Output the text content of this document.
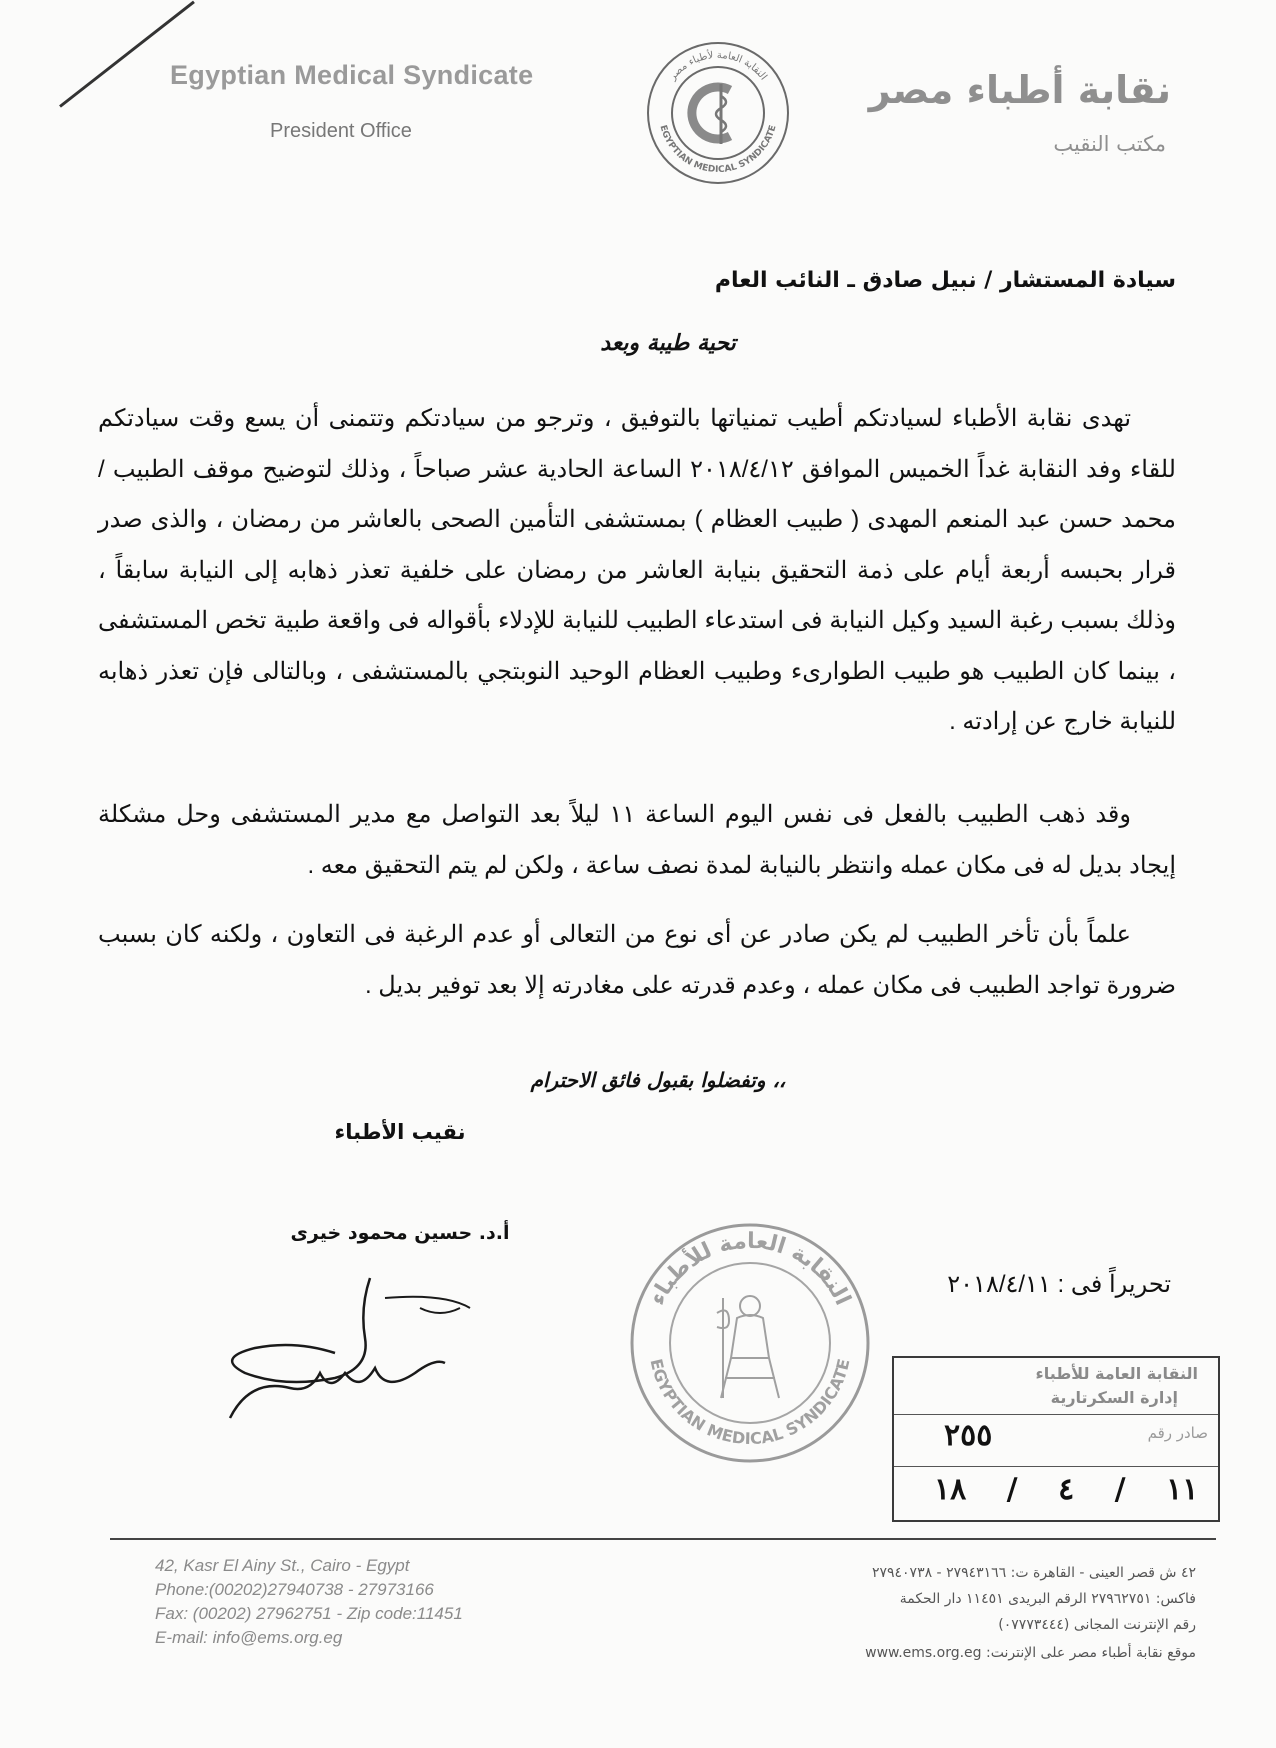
Egyptian Medical Syndicate
President Office
نقابة أطباء مصر
مكتب النقيب
النقابة العامة لأطباء مصر
EGYPTIAN MEDICAL SYNDICATE
سيادة المستشار / نبيل صادق ـ النائب العام
تحية طيبة وبعد

تهدى نقابة الأطباء لسيادتكم أطيب تمنياتها بالتوفيق ، وترجو من سيادتكم وتتمنى أن يسع وقت سيادتكم للقاء وفد النقابة غداً الخميس الموافق ٢٠١٨/٤/١٢ الساعة الحادية عشر صباحاً ، وذلك لتوضيح موقف الطبيب / محمد حسن عبد المنعم المهدى ( طبيب العظام ) بمستشفى التأمين الصحى بالعاشر من رمضان ، والذى صدر قرار بحبسه أربعة أيام على ذمة التحقيق بنيابة العاشر من رمضان على خلفية تعذر ذهابه إلى النيابة سابقاً ، وذلك بسبب رغبة السيد وكيل النيابة فى استدعاء الطبيب للنيابة للإدلاء بأقواله فى واقعة طبية تخص المستشفى ، بينما كان الطبيب هو طبيب الطوارىء وطبيب العظام الوحيد النوبتجي بالمستشفى ، وبالتالى فإن تعذر ذهابه للنيابة خارج عن إرادته .

وقد ذهب الطبيب بالفعل فى نفس اليوم الساعة ١١ ليلاً بعد التواصل مع مدير المستشفى وحل مشكلة إيجاد بديل له فى مكان عمله وانتظر بالنيابة لمدة نصف ساعة ، ولكن لم يتم التحقيق معه .

علماً بأن تأخر الطبيب لم يكن صادر عن أى نوع من التعالى أو عدم الرغبة فى التعاون ، ولكنه كان بسبب ضرورة تواجد الطبيب فى مكان عمله ، وعدم قدرته على مغادرته إلا بعد توفير بديل .

وتفضلوا بقبول فائق الاحترام ،،
نقيب الأطباء
أ.د. حسين محمود خيرى
النقابة العامة للأطباء
EGYPTIAN MEDICAL SYNDICATE
تحريراً فى : ٢٠١٨/٤/١١
النقابة العامة للأطباء
إدارة السكرتارية
صادر رقم
٢٥٥
١١ / ٤ / ١٨
42, Kasr El Ainy St., Cairo - Egypt
Phone:(00202)27940738 - 27973166
Fax: (00202) 27962751 - Zip code:11451
E-mail: info@ems.org.eg
٤٢ ش قصر العينى - القاهرة ت: ٢٧٩٤٣١٦٦ - ٢٧٩٤٠٧٣٨
فاكس: ٢٧٩٦٢٧٥١ الرقم البريدى ١١٤٥١ دار الحكمة
رقم الإنترنت المجانى (٠٧٧٧٣٤٤٤)
موقع نقابة أطباء مصر على الإنترنت: www.ems.org.eg
